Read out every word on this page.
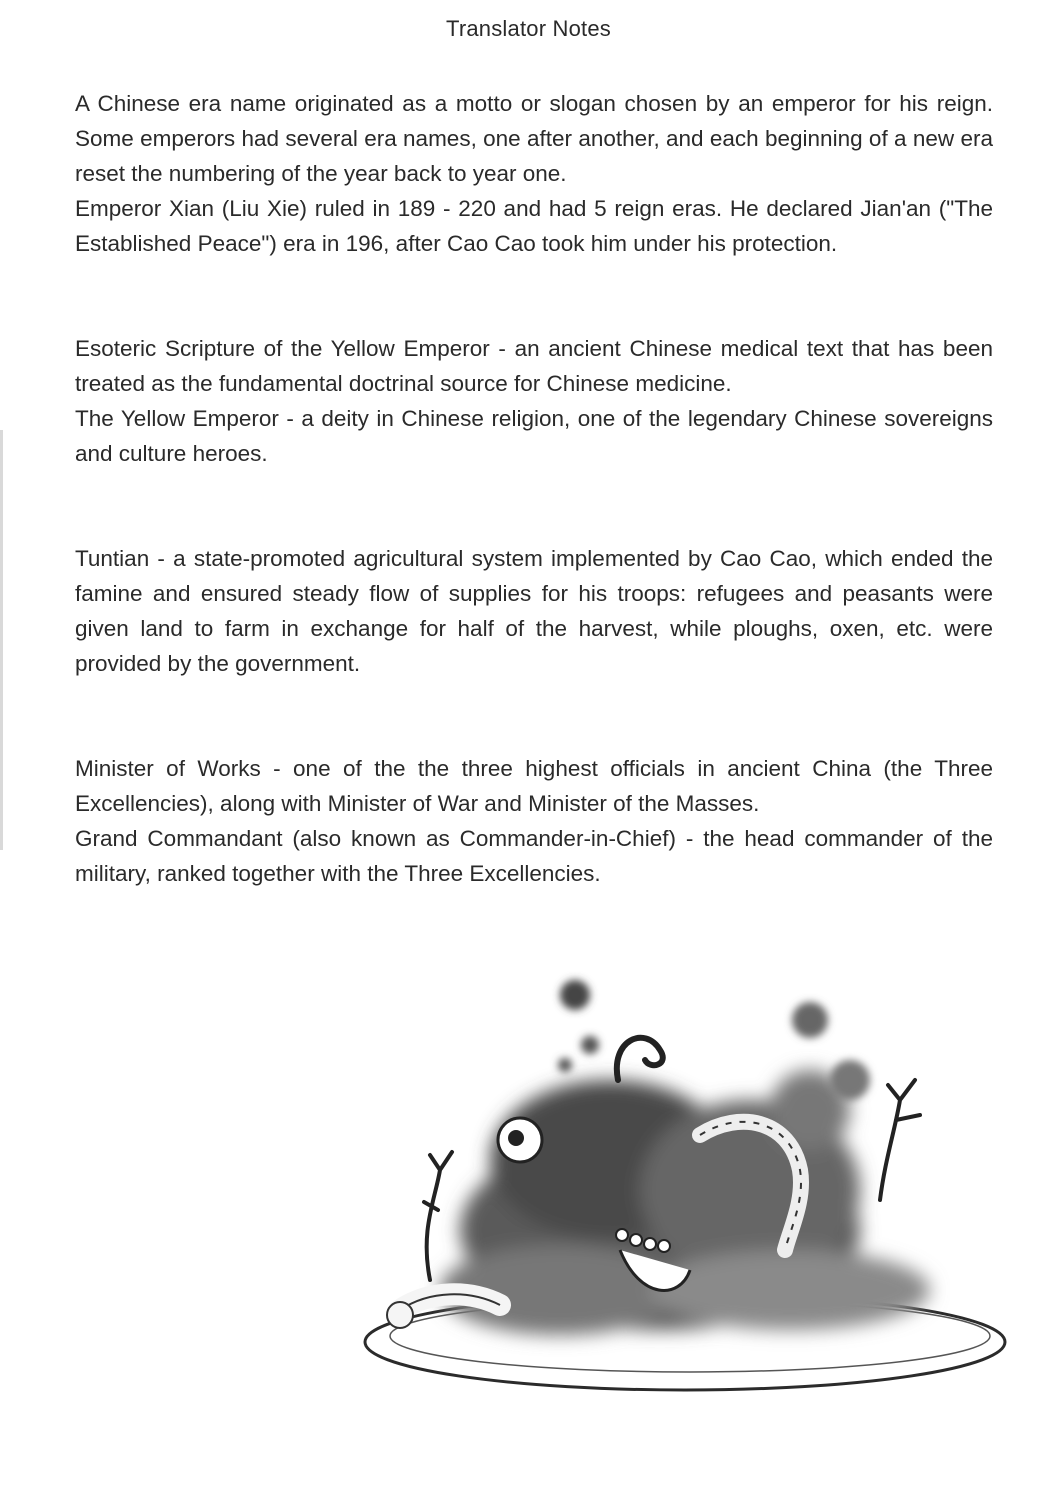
Translator Notes

A Chinese era name originated as a motto or slogan chosen by an emperor for his reign. Some emperors had several era names, one after another, and each beginning of a new era reset the numbering of the year back to year one.

Emperor Xian (Liu Xie) ruled in 189 - 220 and had 5 reign eras. He declared Jian'an ("The Established Peace") era in 196, after Cao Cao took him under his protection.

Esoteric Scripture of the Yellow Emperor - an ancient Chinese medical text that has been treated as the fundamental doctrinal source for Chinese medicine.

The Yellow Emperor - a deity in Chinese religion, one of the legendary Chinese sovereigns and culture heroes.

Tuntian - a state-promoted agricultural system implemented by Cao Cao, which ended the famine and ensured steady flow of supplies for his troops: refugees and peasants were given land to farm in exchange for half of the harvest, while ploughs, oxen, etc. were provided by the government.

Minister of Works - one of the the three highest officials in ancient China (the Three Excellencies), along with Minister of War and Minister of the Masses.

Grand Commandant (also known as Commander-in-Chief) - the head commander of the military, ranked together with the Three Excellencies.
